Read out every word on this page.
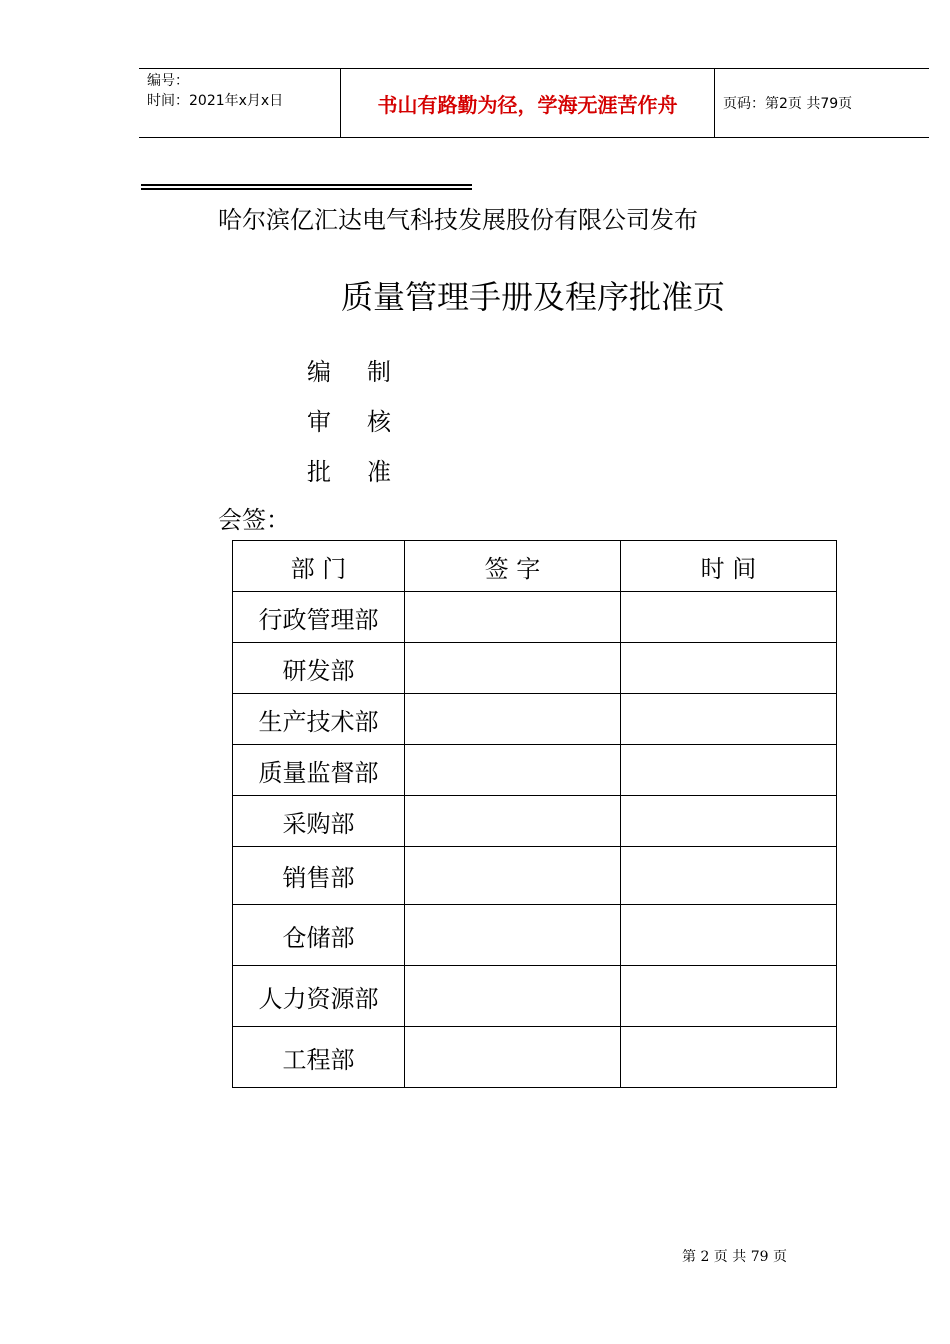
编号：
时间：2021年x月x日	书山有路勤为径，学海无涯苦作舟	页码：第2页 共79页
哈尔滨亿汇达电气科技发展股份有限公司发布
质量管理手册及程序批准页
编制
审核
批准
会签：
部 门	签 字	时 间
行政管理部		
研发部		
生产技术部		
质量监督部		
采购部		
销售部		
仓储部		
人力资源部		
工程部		
第 2 页 共 79 页
